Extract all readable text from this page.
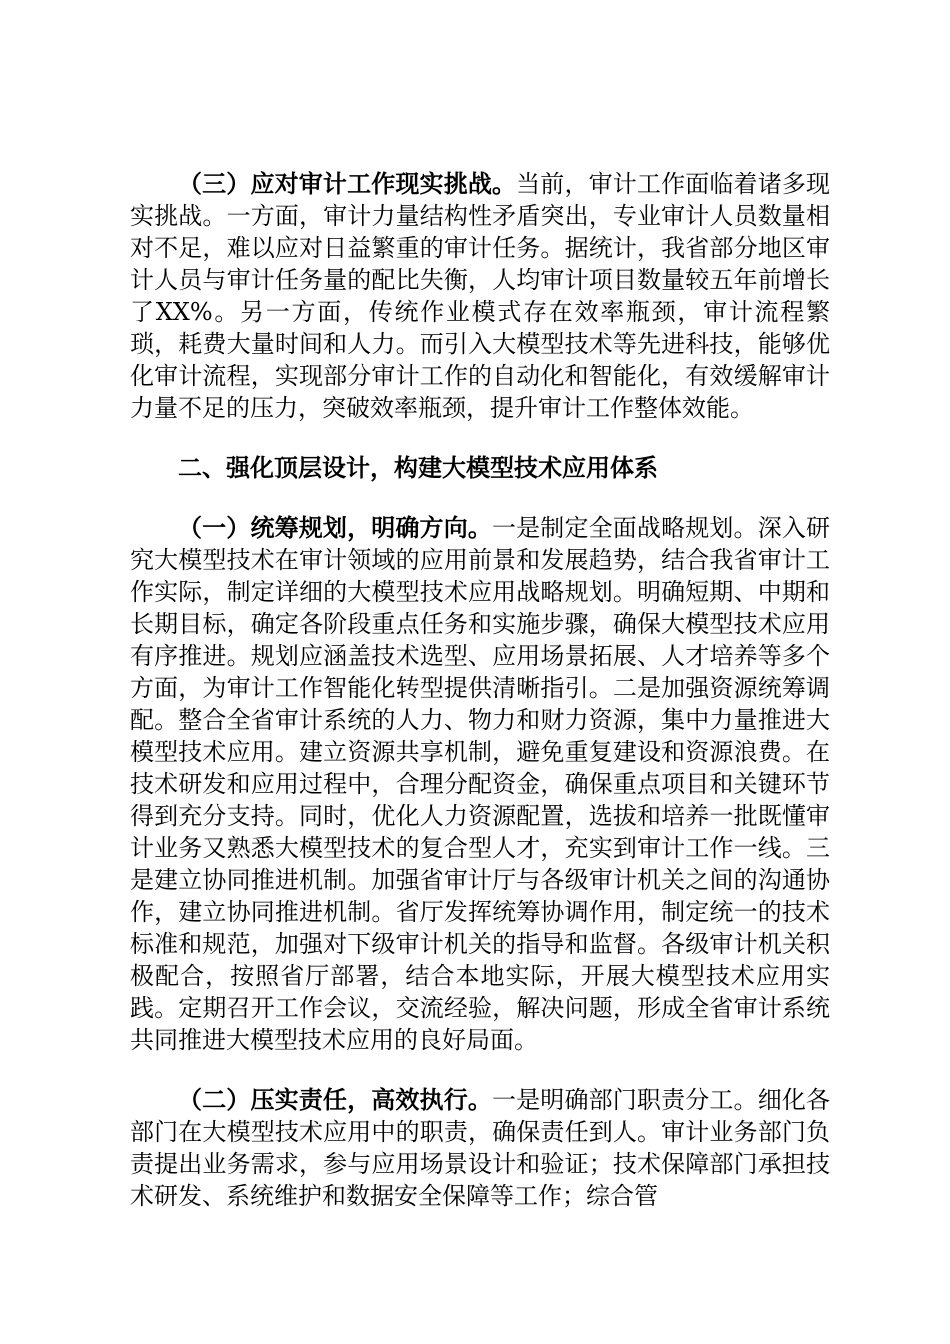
（三）应对审计工作现实挑战。当前，审计工作面临着诸多现实挑战。一方面，审计力量结构性矛盾突出，专业审计人员数量相对不足，难以应对日益繁重的审计任务。据统计，我省部分地区审计人员与审计任务量的配比失衡，人均审计项目数量较五年前增长了XX%。另一方面，传统作业模式存在效率瓶颈，审计流程繁琐，耗费大量时间和人力。而引入大模型技术等先进科技，能够优化审计流程，实现部分审计工作的自动化和智能化，有效缓解审计力量不足的压力，突破效率瓶颈，提升审计工作整体效能。

二、强化顶层设计，构建大模型技术应用体系

（一）统筹规划，明确方向。一是制定全面战略规划。深入研究大模型技术在审计领域的应用前景和发展趋势，结合我省审计工作实际，制定详细的大模型技术应用战略规划。明确短期、中期和长期目标，确定各阶段重点任务和实施步骤，确保大模型技术应用有序推进。规划应涵盖技术选型、应用场景拓展、人才培养等多个方面，为审计工作智能化转型提供清晰指引。二是加强资源统筹调配。整合全省审计系统的人力、物力和财力资源，集中力量推进大模型技术应用。建立资源共享机制，避免重复建设和资源浪费。在技术研发和应用过程中，合理分配资金，确保重点项目和关键环节得到充分支持。同时，优化人力资源配置，选拔和培养一批既懂审计业务又熟悉大模型技术的复合型人才，充实到审计工作一线。三是建立协同推进机制。加强省审计厅与各级审计机关之间的沟通协作，建立协同推进机制。省厅发挥统筹协调作用，制定统一的技术标准和规范，加强对下级审计机关的指导和监督。各级审计机关积极配合，按照省厅部署，结合本地实际，开展大模型技术应用实践。定期召开工作会议，交流经验，解决问题，形成全省审计系统共同推进大模型技术应用的良好局面。

（二）压实责任，高效执行。一是明确部门职责分工。细化各部门在大模型技术应用中的职责，确保责任到人。审计业务部门负责提出业务需求，参与应用场景设计和验证；技术保障部门承担技术研发、系统维护和数据安全保障等工作；综合管
